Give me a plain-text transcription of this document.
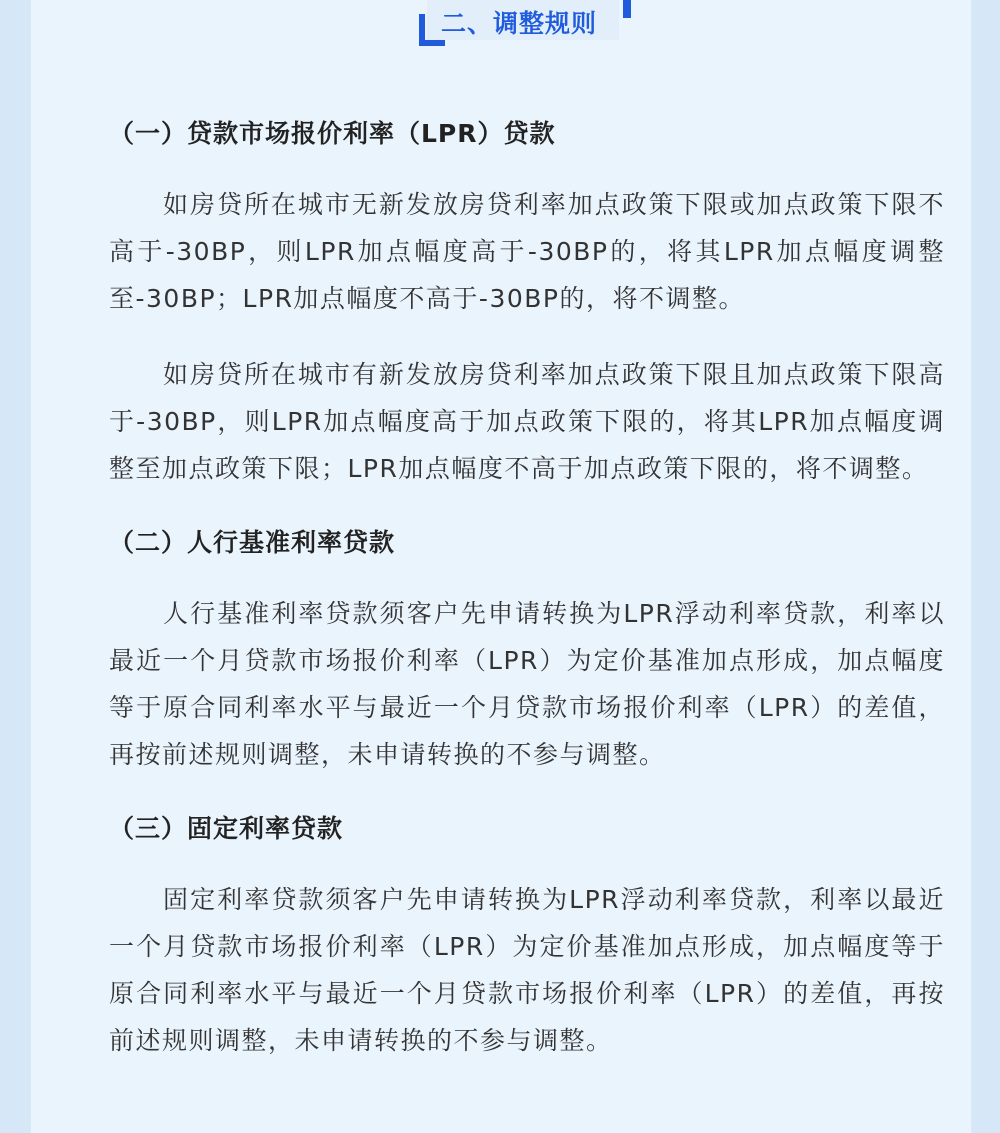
二、调整规则
（一）贷款市场报价利率（LPR）贷款

如房贷所在城市无新发放房贷利率加点政策下限或加点政策下限不高于-30BP，则LPR加点幅度高于-30BP的，将其LPR加点幅度调整至-30BP；LPR加点幅度不高于-30BP的，将不调整。

如房贷所在城市有新发放房贷利率加点政策下限且加点政策下限高于-30BP，则LPR加点幅度高于加点政策下限的，将其LPR加点幅度调整至加点政策下限；LPR加点幅度不高于加点政策下限的，将不调整。

（二）人行基准利率贷款

人行基准利率贷款须客户先申请转换为LPR浮动利率贷款，利率以最近一个月贷款市场报价利率（LPR）为定价基准加点形成，加点幅度等于原合同利率水平与最近一个月贷款市场报价利率（LPR）的差值，再按前述规则调整，未申请转换的不参与调整。

（三）固定利率贷款

固定利率贷款须客户先申请转换为LPR浮动利率贷款，利率以最近一个月贷款市场报价利率（LPR）为定价基准加点形成，加点幅度等于原合同利率水平与最近一个月贷款市场报价利率（LPR）的差值，再按前述规则调整，未申请转换的不参与调整。
